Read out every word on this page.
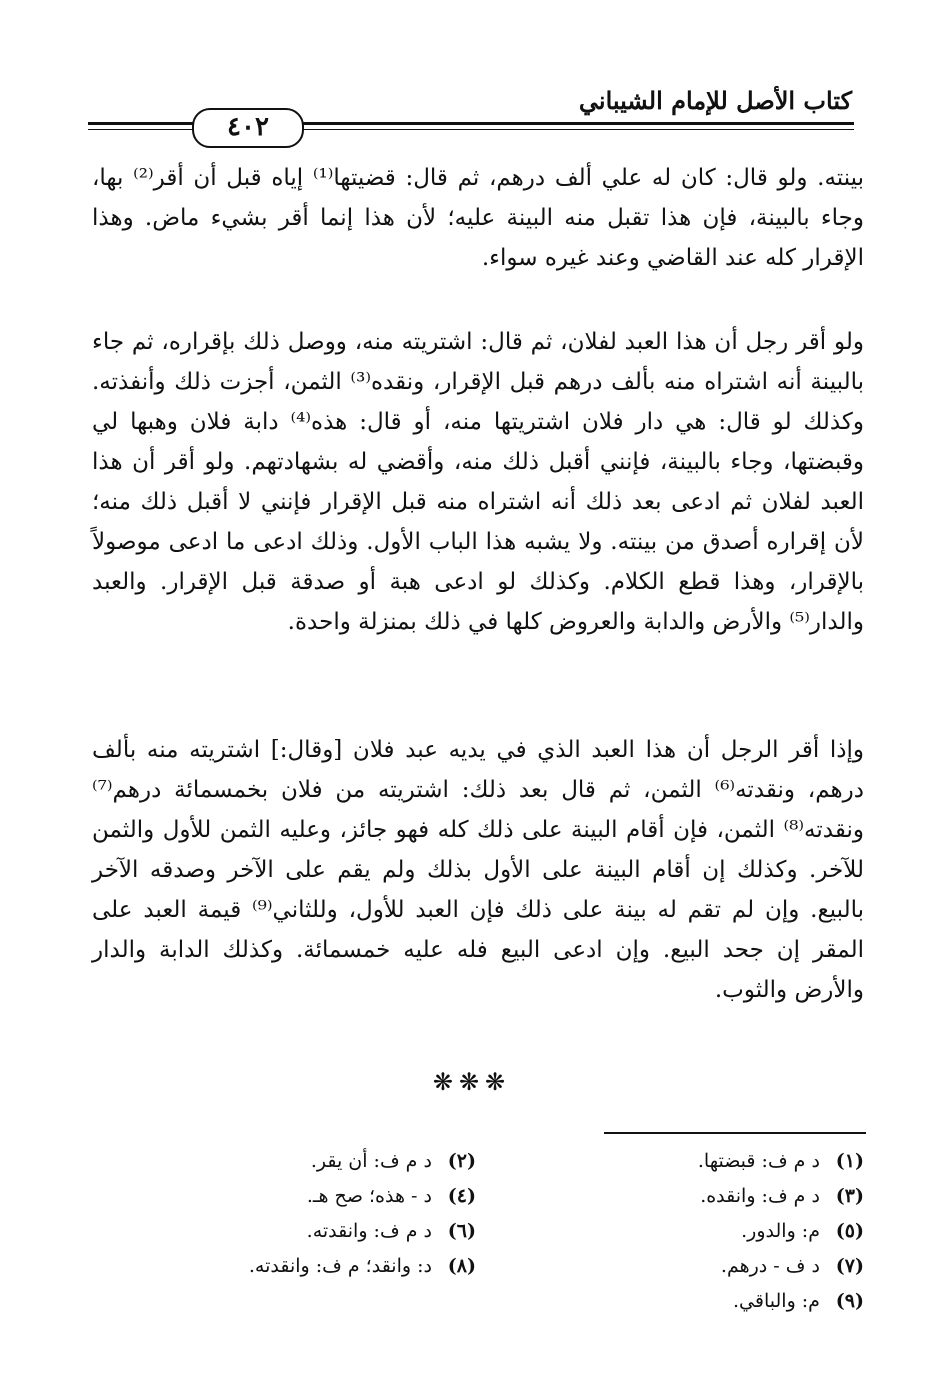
كتاب الأصل للإمام الشيباني
٤٠٢
بينته. ولو قال: كان له علي ألف درهم، ثم قال: قضيتها⁽¹⁾ إياه قبل أن أقر⁽²⁾ بها، وجاء بالبينة، فإن هذا تقبل منه البينة عليه؛ لأن هذا إنما أقر بشيء ماض. وهذا الإقرار كله عند القاضي وعند غيره سواء.
ولو أقر رجل أن هذا العبد لفلان، ثم قال: اشتريته منه، ووصل ذلك بإقراره، ثم جاء بالبينة أنه اشتراه منه بألف درهم قبل الإقرار، ونقده⁽³⁾ الثمن، أجزت ذلك وأنفذته. وكذلك لو قال: هي دار فلان اشتريتها منه، أو قال: هذه⁽⁴⁾ دابة فلان وهبها لي وقبضتها، وجاء بالبينة، فإنني أقبل ذلك منه، وأقضي له بشهادتهم. ولو أقر أن هذا العبد لفلان ثم ادعى بعد ذلك أنه اشتراه منه قبل الإقرار فإنني لا أقبل ذلك منه؛ لأن إقراره أصدق من بينته. ولا يشبه هذا الباب الأول. وذلك ادعى ما ادعى موصولاً بالإقرار، وهذا قطع الكلام. وكذلك لو ادعى هبة أو صدقة قبل الإقرار. والعبد والدار⁽⁵⁾ والأرض والدابة والعروض كلها في ذلك بمنزلة واحدة.
وإذا أقر الرجل أن هذا العبد الذي في يديه عبد فلان [وقال:] اشتريته منه بألف درهم، ونقدته⁽⁶⁾ الثمن، ثم قال بعد ذلك: اشتريته من فلان بخمسمائة درهم⁽⁷⁾ ونقدته⁽⁸⁾ الثمن، فإن أقام البينة على ذلك كله فهو جائز، وعليه الثمن للأول والثمن للآخر. وكذلك إن أقام البينة على الأول بذلك ولم يقم على الآخر وصدقه الآخر بالبيع. وإن لم تقم له بينة على ذلك فإن العبد للأول، وللثاني⁽⁹⁾ قيمة العبد على المقر إن جحد البيع. وإن ادعى البيع فله عليه خمسمائة. وكذلك الدابة والدار والأرض والثوب.
❋❋❋
(١) د م ف: قبضتها.
(٣) د م ف: وانقده.
(٥) م: والدور.
(٧) د ف - درهم.
(٩) م: والباقي.
(٢) د م ف: أن يقر.
(٤) د - هذه؛ صح هـ.
(٦) د م ف: وانقدته.
(٨) د: وانقد؛ م ف: وانقدته.
